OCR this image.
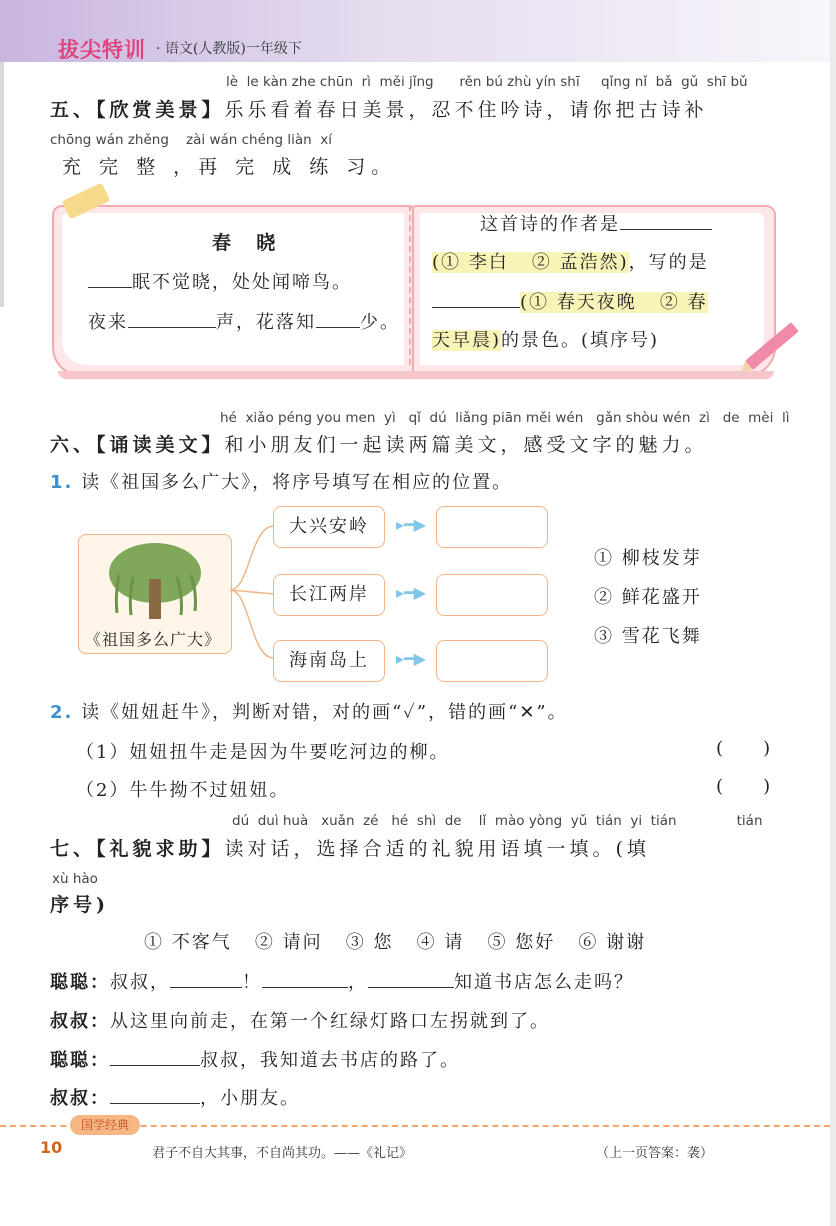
拔尖特训 · 语文(人教版)一年级下
lè  le kàn zhe chūn  rì  měi jǐng      rěn bú zhù yín shī     qǐng nǐ  bǎ  gǔ  shī bǔ
五、【欣赏美景】乐乐看着春日美景，忍不住吟诗，请你把古诗补
chōng wán zhěng    zài wán chéng liàn  xí
充 完 整 ，再 完 成 练 习。
春  晓
眠不觉晓，处处闻啼鸟。
夜来	声，花落知 少。
这首诗的作者是
(① 李白   ② 孟浩然)，写的是
(① 春天夜晚   ② 春
天早晨)的景色。(填序号)
hé  xiǎo péng you men  yì   qǐ  dú  liǎng piān měi wén   gǎn shòu wén  zì   de  mèi  lì
六、【诵读美文】和小朋友们一起读两篇美文，感受文字的魅力。
1. 读《祖国多么广大》，将序号填写在相应的位置。
《祖国多么广大》
大兴安岭
长江两岸
海南岛上
▸━▶
▸━▶
▸━▶
① 柳枝发芽
② 鲜花盛开
③ 雪花飞舞
2. 读《妞妞赶牛》，判断对错，对的画“✓”，错的画“✕”。
（1）妞妞扭牛走是因为牛要吃河边的柳。	(       )
（2）牛牛拗不过妞妞。	(       )
dú  duì huà   xuǎn  zé   hé  shì  de    lǐ  mào yòng  yǔ  tián  yi  tián              tián
七、【礼貌求助】读对话，选择合适的礼貌用语填一填。(填
xù hào
序号)
① 不客气   ② 请问   ③ 您   ④ 请   ⑤ 您好   ⑥ 谢谢
聪聪：叔叔，	！	，	知道书店怎么走吗？
叔叔：从这里向前走，在第一个红绿灯路口左拐就到了。
聪聪：	叔叔，我知道去书店的路了。
叔叔：	，小朋友。
国学经典
10	君子不自大其事，不自尚其功。——《礼记》	（上一页答案：袭）
